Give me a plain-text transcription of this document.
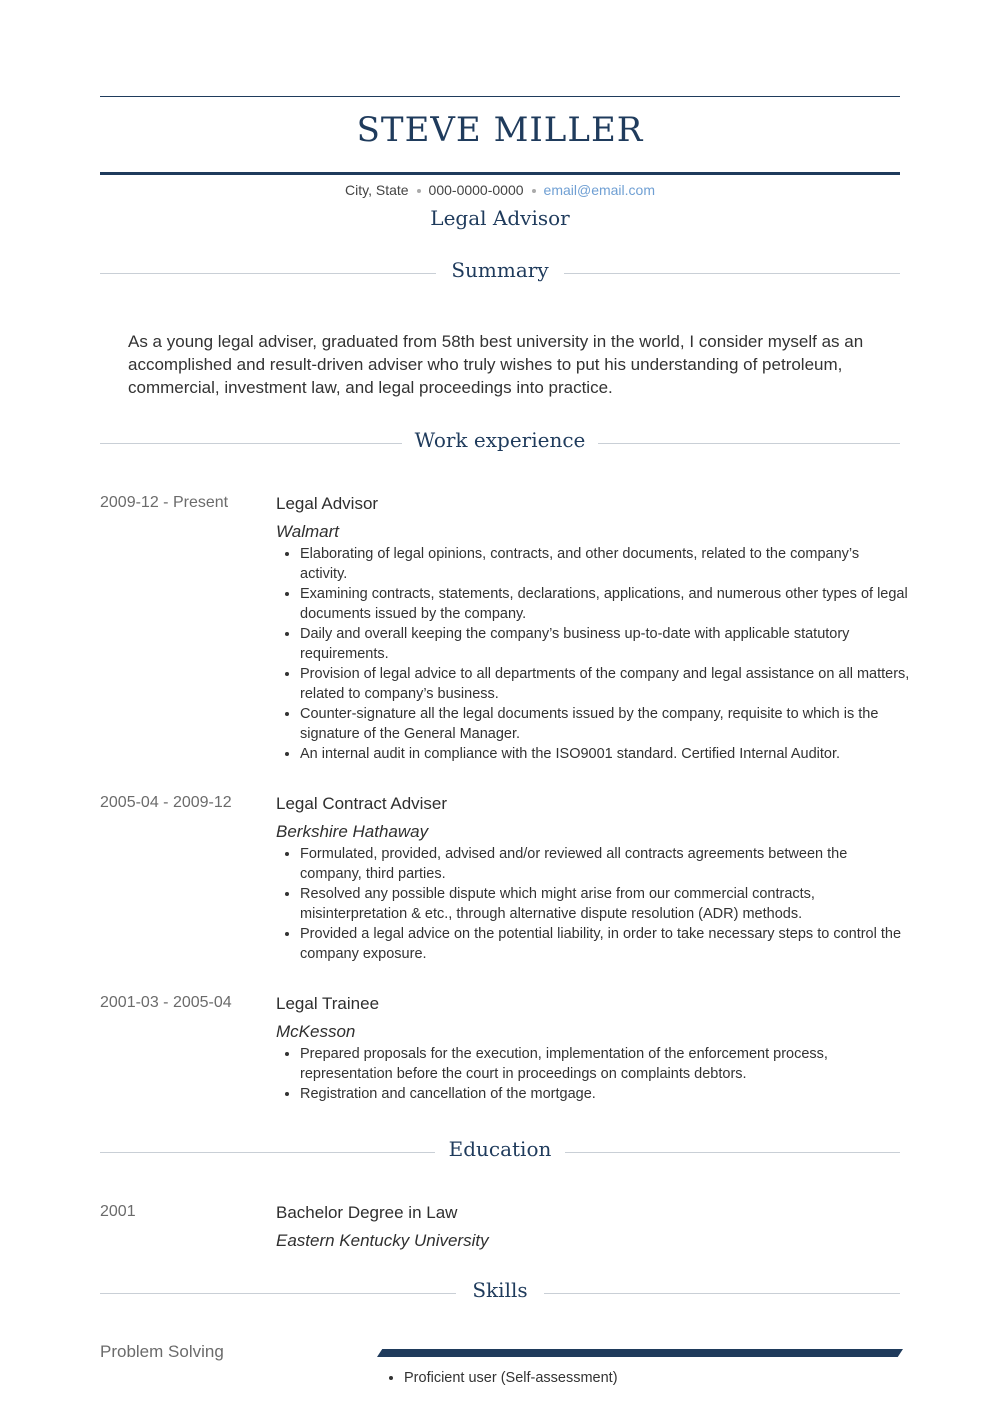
STEVE MILLER
City, State 000-0000-0000 email@email.com
Legal Advisor
Summary
As a young legal adviser, graduated from 58th best university in the world, I consider myself as an accomplished and result-driven adviser who truly wishes to put his understanding of petroleum, commercial, investment law, and legal proceedings into practice.
Work experience
2009-12 - Present	Legal Advisor
Walmart
• Elaborating of legal opinions, contracts, and other documents, related to the company’s activity.
• Examining contracts, statements, declarations, applications, and numerous other types of legal documents issued by the company.
• Daily and overall keeping the company’s business up-to-date with applicable statutory requirements.
• Provision of legal advice to all departments of the company and legal assistance on all matters, related to company’s business.
• Counter-signature all the legal documents issued by the company, requisite to which is the signature of the General Manager.
• An internal audit in compliance with the ISO9001 standard. Certified Internal Auditor.
2005-04 - 2009-12	Legal Contract Adviser
Berkshire Hathaway
• Formulated, provided, advised and/or reviewed all contracts agreements between the company, third parties.
• Resolved any possible dispute which might arise from our commercial contracts, misinterpretation & etc., through alternative dispute resolution (ADR) methods.
• Provided a legal advice on the potential liability, in order to take necessary steps to control the company exposure.
2001-03 - 2005-04	Legal Trainee
McKesson
• Prepared proposals for the execution, implementation of the enforcement process, representation before the court in proceedings on complaints debtors.
• Registration and cancellation of the mortgage.
Education
2001	Bachelor Degree in Law
Eastern Kentucky University
Skills
Problem Solving
• Proficient user (Self-assessment)
